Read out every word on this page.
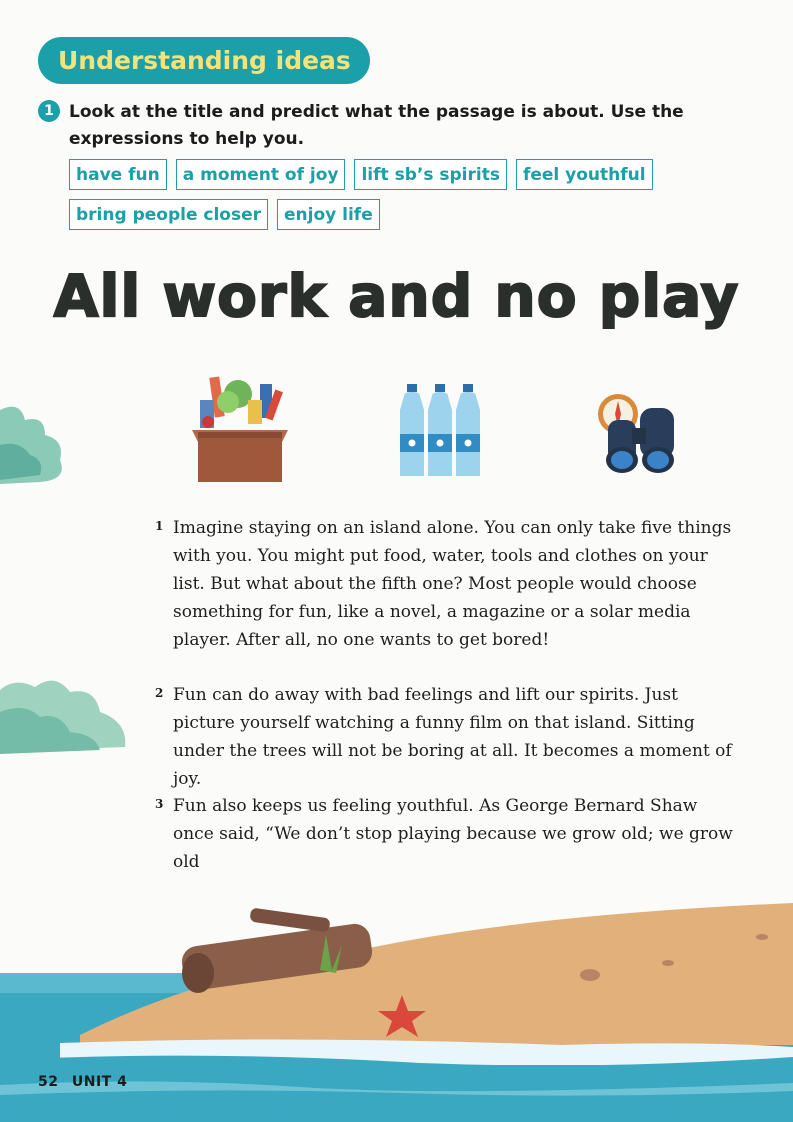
Understanding ideas
1 Look at the title and predict what the passage is about. Use the expressions to help you.
have fun	a moment of joy	lift sb’s spirits	feel youthful
bring people closer	enjoy life
All work and no play
1 Imagine staying on an island alone. You can only take five things with you. You might put food, water, tools and clothes on your list. But what about the fifth one? Most people would choose something for fun, like a novel, a magazine or a solar media player. After all, no one wants to get bored!
2 Fun can do away with bad feelings and lift our spirits. Just picture yourself watching a funny film on that island. Sitting under the trees will not be boring at all. It becomes a moment of joy.
3 Fun also keeps us feeling youthful. As George Bernard Shaw once said, “We don’t stop playing because we grow old; we grow old
52 UNIT 4
